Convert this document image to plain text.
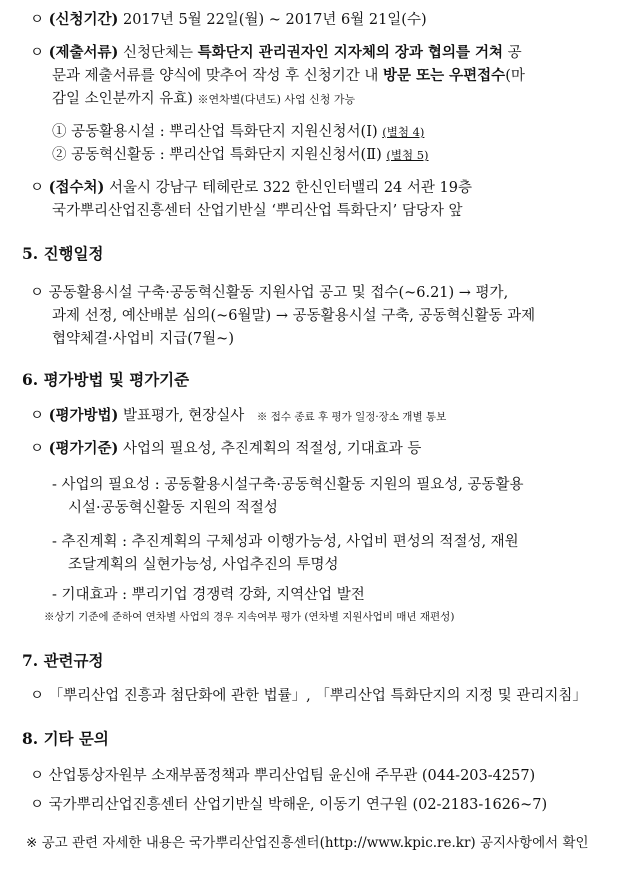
ㅇ (신청기간) 2017년 5월 22일(월) ~ 2017년 6월 21일(수)
ㅇ (제출서류) 신청단체는 특화단지 관리권자인 지자체의 장과 협의를 거쳐 공
문과 제출서류를 양식에 맞추어 작성 후 신청기간 내 방문 또는 우편접수(마
감일 소인분까지 유효) ※연차별(다년도) 사업 신청 가능
① 공동활용시설 : 뿌리산업 특화단지 지원신청서(Ⅰ) (별첨 4)
② 공동혁신활동 : 뿌리산업 특화단지 지원신청서(Ⅱ) (별첨 5)
ㅇ (접수처) 서울시 강남구 테헤란로 322 한신인터밸리 24 서관 19층
국가뿌리산업진흥센터 산업기반실 ‘뿌리산업 특화단지’ 담당자 앞
5. 진행일정
ㅇ 공동활용시설 구축·공동혁신활동 지원사업 공고 및 접수(~6.21) → 평가,
과제 선정, 예산배분 심의(~6월말) → 공동활용시설 구축, 공동혁신활동 과제
협약체결·사업비 지급(7월~)
6. 평가방법 및 평가기준
ㅇ (평가방법) 발표평가, 현장실사 ※ 접수 종료 후 평가 일정·장소 개별 통보
ㅇ (평가기준) 사업의 필요성, 추진계획의 적절성, 기대효과 등
- 사업의 필요성 : 공동활용시설구축·공동혁신활동 지원의 필요성, 공동활용
시설·공동혁신활동 지원의 적절성
- 추진계획 : 추진계획의 구체성과 이행가능성, 사업비 편성의 적절성, 재원
조달계획의 실현가능성, 사업추진의 투명성
- 기대효과 : 뿌리기업 경쟁력 강화, 지역산업 발전
※상기 기준에 준하여 연차별 사업의 경우 지속여부 평가 (연차별 지원사업비 매년 재편성)
7. 관련규정
ㅇ 「뿌리산업 진흥과 첨단화에 관한 법률」, 「뿌리산업 특화단지의 지정 및 관리지침」
8. 기타 문의
ㅇ 산업통상자원부 소재부품정책과 뿌리산업팀 윤신애 주무관 (044-203-4257)
ㅇ 국가뿌리산업진흥센터 산업기반실 박해운, 이동기 연구원 (02-2183-1626~7)
※ 공고 관련 자세한 내용은 국가뿌리산업진흥센터(http://www.kpic.re.kr) 공지사항에서 확인
